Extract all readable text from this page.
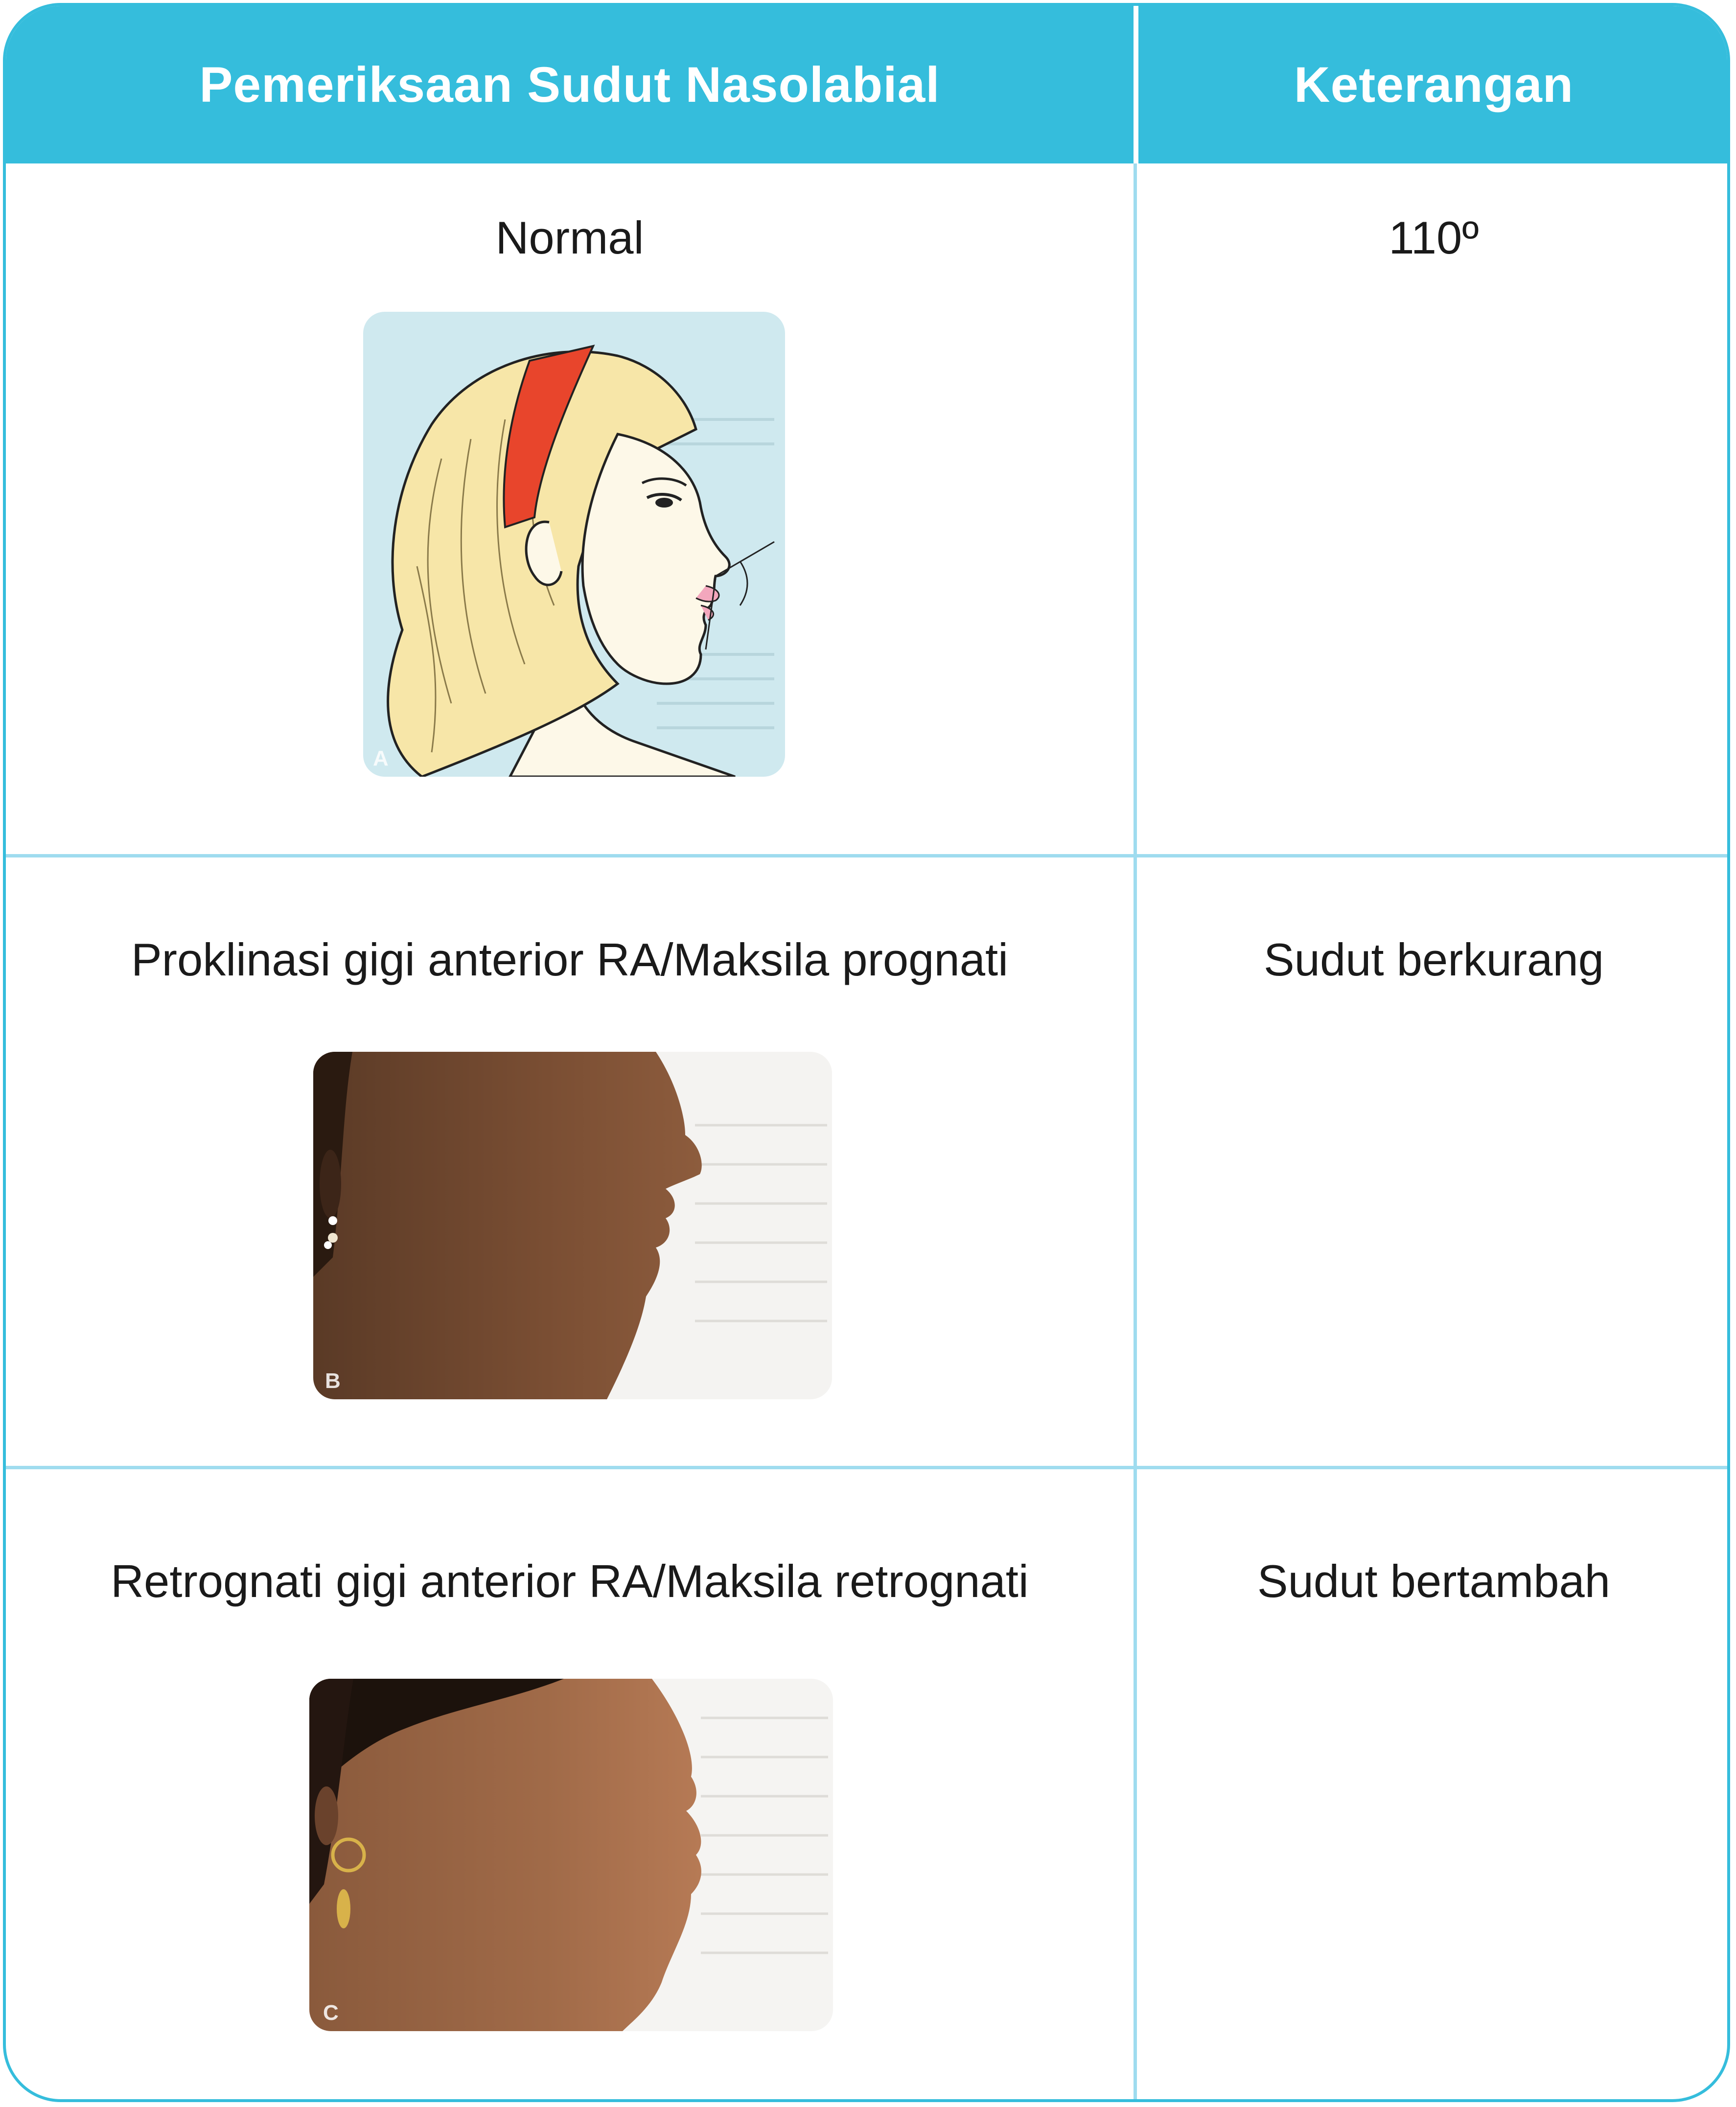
Pemeriksaan Sudut Nasolabial	Keterangan
Normal	110º
A
Proklinasi gigi anterior RA/Maksila prognati	Sudut berkurang
B
Retrognati gigi anterior RA/Maksila retrognati	Sudut bertambah
C
